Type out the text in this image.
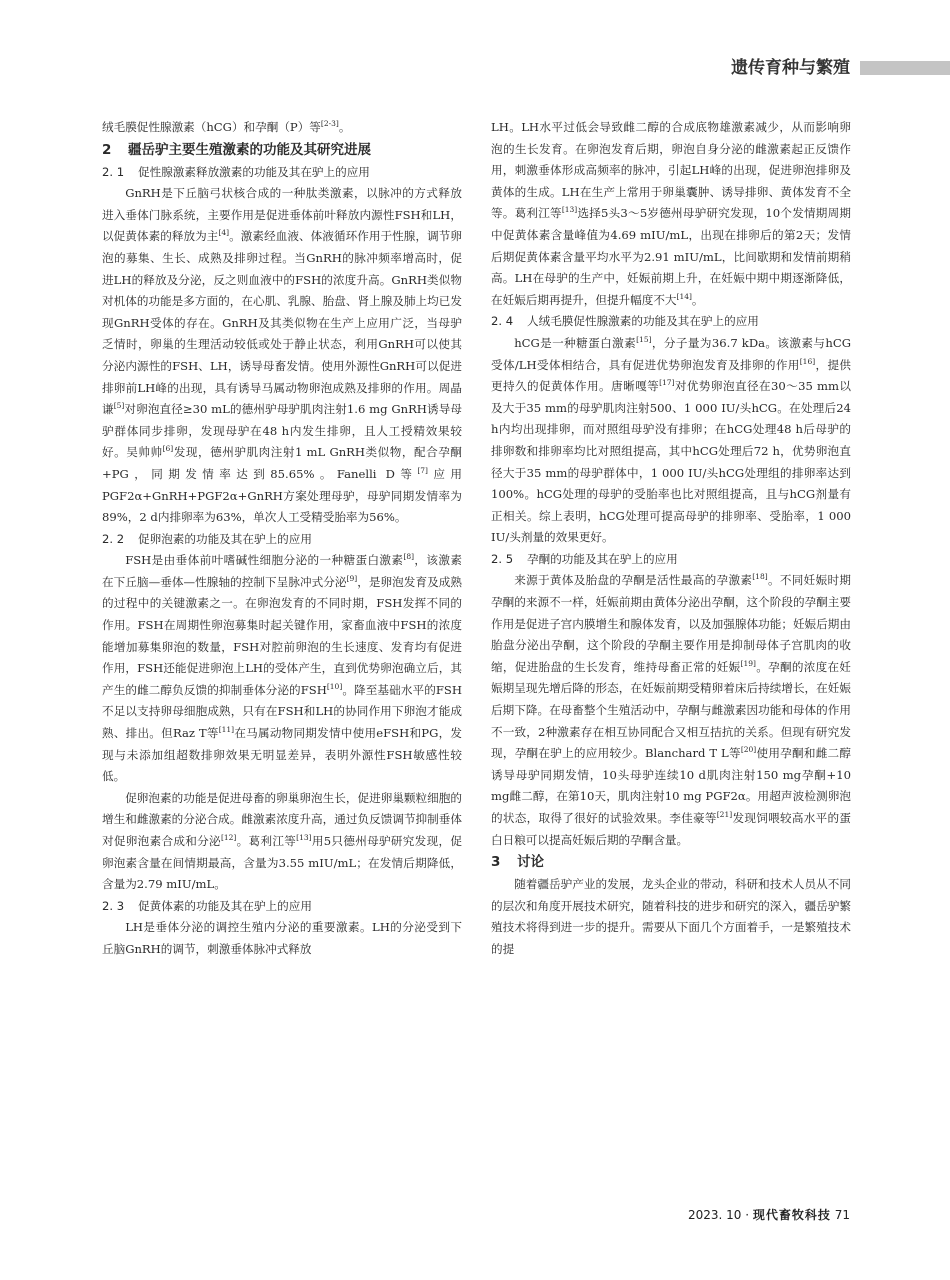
遗传育种与繁殖

绒毛膜促性腺激素（hCG）和孕酮（P）等[2-3]。

2 疆岳驴主要生殖激素的功能及其研究进展

2. 1 促性腺激素释放激素的功能及其在驴上的应用

GnRH是下丘脑弓状核合成的一种肽类激素，以脉冲的方式释放进入垂体门脉系统，主要作用是促进垂体前叶释放内源性FSH和LH，以促黄体素的释放为主[4]。激素经血液、体液循环作用于性腺，调节卵泡的募集、生长、成熟及排卵过程。当GnRH的脉冲频率增高时，促进LH的释放及分泌，反之则血液中的FSH的浓度升高。GnRH类似物对机体的功能是多方面的，在心肌、乳腺、胎盘、肾上腺及肺上均已发现GnRH受体的存在。GnRH及其类似物在生产上应用广泛，当母驴乏情时，卵巢的生理活动较低或处于静止状态，利用GnRH可以使其分泌内源性的FSH、LH，诱导母畜发情。使用外源性GnRH可以促进排卵前LH峰的出现，具有诱导马属动物卵泡成熟及排卵的作用。周晶谦[5]对卵泡直径≥30 mL的德州驴母驴肌肉注射1.6 mg GnRH诱导母驴群体同步排卵，发现母驴在48 h内发生排卵，且人工授精效果较好。吴帅帅[6]发现，德州驴肌肉注射1 mL GnRH类似物，配合孕酮+PG，同期发情率达到85.65%。Fanelli D等[7]应用PGF2α+GnRH+PGF2α+GnRH方案处理母驴，母驴同期发情率为89%，2 d内排卵率为63%，单次人工受精受胎率为56%。

2. 2 促卵泡素的功能及其在驴上的应用

FSH是由垂体前叶嗜碱性细胞分泌的一种糖蛋白激素[8]，该激素在下丘脑—垂体—性腺轴的控制下呈脉冲式分泌[9]，是卵泡发育及成熟的过程中的关键激素之一。在卵泡发育的不同时期，FSH发挥不同的作用。FSH在周期性卵泡募集时起关键作用，家畜血液中FSH的浓度能增加募集卵泡的数量，FSH对腔前卵泡的生长速度、发育均有促进作用，FSH还能促进卵泡上LH的受体产生，直到优势卵泡确立后，其产生的雌二醇负反馈的抑制垂体分泌的FSH[10]。降至基础水平的FSH不足以支持卵母细胞成熟，只有在FSH和LH的协同作用下卵泡才能成熟、排出。但Raz T等[11]在马属动物同期发情中使用eFSH和PG，发现与未添加组超数排卵效果无明显差异，表明外源性FSH敏感性较低。

促卵泡素的功能是促进母畜的卵巢卵泡生长，促进卵巢颗粒细胞的增生和雌激素的分泌合成。雌激素浓度升高，通过负反馈调节抑制垂体对促卵泡素合成和分泌[12]。葛利江等[13]用5只德州母驴研究发现，促卵泡素含量在间情期最高，含量为3.55 mIU/mL；在发情后期降低，含量为2.79 mIU/mL。

2. 3 促黄体素的功能及其在驴上的应用

LH是垂体分泌的调控生殖内分泌的重要激素。LH的分泌受到下丘脑GnRH的调节，刺激垂体脉冲式释放

LH。LH水平过低会导致雌二醇的合成底物雄激素减少，从而影响卵泡的生长发育。在卵泡发育后期，卵泡自身分泌的雌激素起正反馈作用，刺激垂体形成高频率的脉冲，引起LH峰的出现，促进卵泡排卵及黄体的生成。LH在生产上常用于卵巢囊肿、诱导排卵、黄体发育不全等。葛利江等[13]选择5头3～5岁德州母驴研究发现，10个发情期周期中促黄体素含量峰值为4.69 mIU/mL，出现在排卵后的第2天；发情后期促黄体素含量平均水平为2.91 mIU/mL，比间歇期和发情前期稍高。LH在母驴的生产中，妊娠前期上升，在妊娠中期中期逐渐降低，在妊娠后期再提升，但提升幅度不大[14]。

2. 4 人绒毛膜促性腺激素的功能及其在驴上的应用

hCG是一种糖蛋白激素[15]，分子量为36.7 kDa。该激素与hCG受体/LH受体相结合，具有促进优势卵泡发育及排卵的作用[16]，提供更持久的促黄体作用。唐晰嘎等[17]对优势卵泡直径在30～35 mm以及大于35 mm的母驴肌肉注射500、1 000 IU/头hCG。在处理后24 h内均出现排卵，而对照组母驴没有排卵；在hCG处理48 h后母驴的排卵数和排卵率均比对照组提高，其中hCG处理后72 h，优势卵泡直径大于35 mm的母驴群体中，1 000 IU/头hCG处理组的排卵率达到100%。hCG处理的母驴的受胎率也比对照组提高，且与hCG剂量有正相关。综上表明，hCG处理可提高母驴的排卵率、受胎率，1 000 IU/头剂量的效果更好。

2. 5 孕酮的功能及其在驴上的应用

来源于黄体及胎盘的孕酮是活性最高的孕激素[18]。不同妊娠时期孕酮的来源不一样，妊娠前期由黄体分泌出孕酮，这个阶段的孕酮主要作用是促进子宫内膜增生和腺体发育，以及加强腺体功能；妊娠后期由胎盘分泌出孕酮，这个阶段的孕酮主要作用是抑制母体子宫肌肉的收缩，促进胎盘的生长发育，维持母畜正常的妊娠[19]。孕酮的浓度在妊娠期呈现先增后降的形态，在妊娠前期受精卵着床后持续增长，在妊娠后期下降。在母畜整个生殖活动中，孕酮与雌激素因功能和母体的作用不一致，2种激素存在相互协同配合又相互拮抗的关系。但现有研究发现，孕酮在驴上的应用较少。Blanchard T L等[20]使用孕酮和雌二醇诱导母驴同期发情，10头母驴连续10 d肌肉注射150 mg孕酮+10 mg雌二醇，在第10天，肌肉注射10 mg PGF2α。用超声波检测卵泡的状态，取得了很好的试验效果。李佳豪等[21]发现饲喂较高水平的蛋白日粮可以提高妊娠后期的孕酮含量。

3 讨论

随着疆岳驴产业的发展，龙头企业的带动，科研和技术人员从不同的层次和角度开展技术研究，随着科技的进步和研究的深入，疆岳驴繁殖技术将得到进一步的提升。需要从下面几个方面着手，一是繁殖技术的提

2023. 10 · 现代畜牧科技 71
